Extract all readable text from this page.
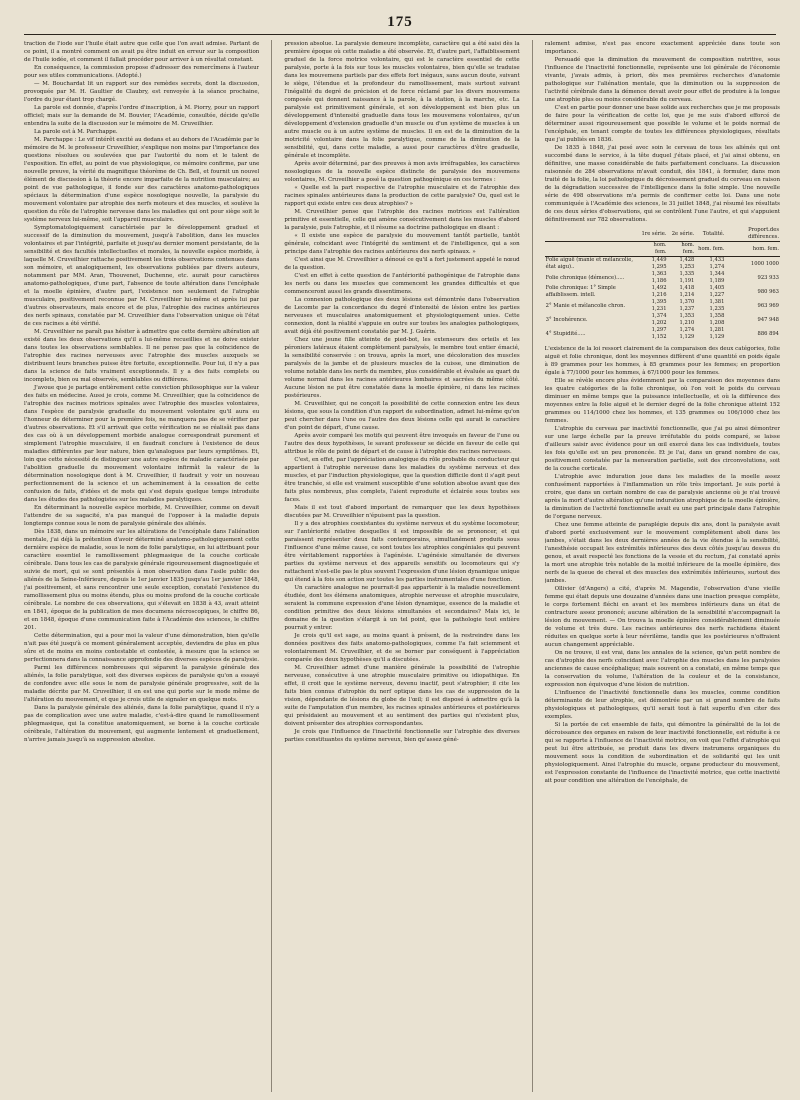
175

traction de l'iode sur l'huile était autre que celle que l'on avait admise. Partant de ce point, il a montré comment on avait pu être induit en erreur sur la composition de l'huile iodée, et comment il fallait procéder pour arriver à un résultat constant.

En conséquence, la commission propose d'adresser des remercîmens à l'auteur pour ses utiles communications. (Adopté.)

— M. Bouchardat lit un rapport sur des remèdes secrets, dont la discussion, provoquée par M. H. Gaultier de Claubry, est renvoyée à la séance prochaine, l'ordre du jour étant trop chargé.

La parole est donnée, d'après l'ordre d'inscription, à M. Piorry, pour un rapport officiel; mais sur la demande de M. Bouvier, l'Académie, consultée, décide qu'elle entendra la suite de la discussion sur le mémoire de M. Cruveilhier.

La parole est à M. Parchappe.

M. Parchappe : Le vif intérêt excité au dedans et au dehors de l'Académie par le mémoire de M. le professeur Cruveilhier, s'explique non moins par l'importance des questions résolues ou soulevées que par l'autorité du nom et le talent de l'exposition. En effet, au point de vue physiologique, ce mémoire confirme, par une nouvelle preuve, la vérité du magnifique théorème de Ch. Bell, et fournit un nouvel élément de discussion à la théorie encore imparfaite de la nutrition musculaire; au point de vue pathologique, il fonde sur des caractères anatomo-pathologiques spéciaux la détermination d'une espèce nosologique nouvelle, la paralysie du mouvement volontaire par atrophie des nerfs moteurs et des muscles, et soulève la question du rôle de l'atrophie nerveuse dans les maladies qui ont pour siège soit le système nerveux lui-même, soit l'appareil musculaire.

Symptomatologiquement caractérisée par le développement graduel et successif de la diminution du mouvement, jusqu'à l'abolition, dans les muscles volontaires et par l'intégrité, parfaite et jusqu'au dernier moment persistante, de la sensibilité et des facultés intellectuelles et morales, la nouvelle espèce morbide, à laquelle M. Cruveilhier rattache positivement les trois observations contenues dans son mémoire, et analogiquement, les observations publiées par divers auteurs, notamment par MM. Aran, Thouvenet, Duchenne, etc. aurait pour caractères anatomo-pathologiques, d'une part, l'absence de toute altération dans l'encéphale et la moelle épinière, d'autre part, l'existence non seulement de l'atrophie musculaire, positivement reconnue par M. Cruveilhier lui-même et après lui par d'autres observateurs, mais encore et de plus, l'atrophie des racines antérieures des nerfs spinaux, constatée par M. Cruveilhier dans l'observation unique où l'état de ces racines a été vérifié.

M. Cruveilhier ne paraît pas hésiter à admettre que cette dernière altération ait existé dans les deux observations qu'il a lui-même recueillies et ne doive exister dans toutes les observations semblables. Il ne pense pas que la coïncidence de l'atrophie des racines nerveuses avec l'atrophie des muscles auxquels se distribuent leurs branches puisse être fortuite, exceptionnelle. Pour lui, il n'y a pas dans la science de faits vraiment exceptionnels. Il y a des faits complets ou incomplets, bien ou mal observés, semblables ou différens.

J'avoue que je partage entièrement cette conviction philosophique sur la valeur des faits en médecine. Aussi je crois, comme M. Cruveilhier, que la coïncidence de l'atrophie des racines motrices spinales avec l'atrophie des muscles volontaires, dans l'espèce de paralysie graduelle du mouvement volontaire qu'il aura eu l'honneur de déterminer pour la première fois, ne manquera pas de se vérifier par d'autres observations. Et s'il arrivait que cette vérification ne se réalisât pas dans des cas où à un développement morbide analogue correspondrait purement et simplement l'atrophie musculaire, il en faudrait conclure à l'existence de deux maladies différentes par leur nature, bien qu'analogues par leurs symptômes. Et, loin que cette nécessité de distinguer une autre espèce de maladie caractérisée par l'abolition graduelle du mouvement volontaire infirmât la valeur de la détermination nosologique dont à M. Cruveilhier, il faudrait y voir un nouveau perfectionnement de la science et un acheminement à la cessation de cette confusion de faits, d'idées et de mots qui s'est depuis quelque temps introduite dans les études des pathologistes sur les maladies paralytiques.

En déterminant la nouvelle espèce morbide, M. Cruveilhier, comme on devait l'attendre de sa sagacité, n'a pas manqué de l'opposer à la maladie depuis longtemps connue sous le nom de paralysie générale des aliénés.

Dès 1838, dans un mémoire sur les altérations de l'encéphale dans l'aliénation mentale, j'ai déjà la prétention d'avoir déterminé anatomo-pathologiquement cette dernière espèce de maladie, sous le nom de folie paralytique, en lui attribuant pour caractère essentiel le ramollissement phlegmasique de la couche corticale cérébrale. Dans tous les cas de paralysie générale rigoureusement diagnostiquée et suivie de mort, qui se sont présentés à mon observation dans l'asile public des aliénés de la Seine-Inférieure, depuis le 1er janvier 1835 jusqu'au 1er janvier 1848, j'ai positivement, et sans rencontrer une seule exception, constaté l'existence du ramollissement plus ou moins étendu, plus ou moins profond de la couche corticale cérébrale. Le nombre de ces observations, qui s'élevait en 1838 à 43, avait atteint en 1841, époque de la publication de mes documens nécroscopiques, le chiffre 86, et en 1848, époque d'une communication faite à l'Académie des sciences, le chiffre 201.

Cette détermination, qui a pour moi la valeur d'une démonstration, bien qu'elle n'ait pas été jusqu'à ce moment généralement acceptée, deviendra de plus en plus sûre et de moins en moins contestable et contestée, à mesure que la science se perfectionnera dans la connaissance approfondie des diverses espèces de paralysie.

Parmi les différences nombreuses qui séparent la paralysie générale des aliénés, la folie paralytique, soit des diverses espèces de paralysie qu'on a essayé de confondre avec elle sous le nom de paralysie générale progressive, soit de la maladie décrite par M. Cruveilhier, il en est une qui porte sur le mode même de l'altération du mouvement, et que je crois utile de signaler en quelque mots.

Dans la paralysie générale des aliénés, dans la folie paralytique, quand il n'y a pas de complication avec une autre maladie, c'est-à-dire quand le ramollissement phlegmasique, qui la constitue anatomiquement, se borne à la couche corticale cérébrale, l'altération du mouvement, qui augmente lentement et graduellement, n'arrive jamais jusqu'à sa suppression absolue.

pression absolue. La paralysie demeure incomplète, caractère qui a été saisi dès la première époque où cette maladie a été observée. Et, d'autre part, l'affaiblissement graduel de la force motrice volontaire, qui est le caractère essentiel de cette paralysie, porte à la fois sur tous les muscles volontaires, bien qu'elle se traduise dans les mouvemens partiels par des effets fort inégaux, sans aucun doute, suivant le siège, l'étendue et la profondeur du ramollissement, mais surtout suivant l'inégalité du degré de précision et de force réclamé par les divers mouvemens composés qui donnent naissance à la parole, à la station, à la marche, etc. La paralysie est primitivement générale, et son développement est bien plus un développement d'intensité graduelle dans tous les mouvemens volontaires, qu'un développement d'extension graduelle d'un muscle ou d'un système de muscles à un autre muscle ou à un autre système de muscles. Il en est de la diminution de la motricité volontaire dans la folie paralytique, comme de la diminution de la sensibilité, qui, dans cette maladie, a aussi pour caractères d'être graduelle, générale et incomplète.

Après avoir déterminé, par des preuves à mon avis irréfragables, les caractères nosologiques de la nouvelle espèce distincte de paralysie des mouvemens volontaires, M. Cruveilhier a posé la question pathogénique en ces termes :

« Quelle est la part respective de l'atrophie musculaire et de l'atrophie des racines spinales antérieures dans la production de cette paralysie? Ou, quel est le rapport qui existe entre ces deux atrophies? »

M. Cruveilhier pense que l'atrophie des racines motrices est l'altération primitive et essentielle, celle qui amène consécutivement dans les muscles d'abord la paralysie, puis l'atrophie, et il résume sa doctrine pathologique en disant :

« Il existe une espèce de paralysie du mouvement tantôt partielle, tantôt générale, coïncidant avec l'intégrité du sentiment et de l'intelligence, qui a son principe dans l'atrophie des racines antérieures des nerfs spinaux. »

C'est ainsi que M. Cruveilhier a dénoué ce qu'il a fort justement appelé le nœud de la question.

C'est en effet à cette question de l'antériorité pathogénique de l'atrophie dans les nerfs ou dans les muscles que commencent les grandes difficultés et que commenceront aussi les grands dissentimens.

La connexion pathologique des deux lésions est démontrée dans l'observation de Lecomte par la concordance du degré d'intensité de lésion entre les parties nerveuses et musculaires anatomiquement et physiologiquement unies. Cette connexion, dont la réalité s'appuie en outre sur toutes les analogies pathologiques, avait déjà été positivement constatée par M. J. Guérin.

Chez une jeune fille atteinte de pied-bot, les extenseurs des orteils et les péroniers latéraux étaient complètement paralysés, le membre tout entier émacié, la sensibilité conservée : on trouva, après la mort, une décoloration des muscles paralysés de la jambe et de plusieurs muscles de la cuisse, une diminution de volume notable dans les nerfs du membre, plus considérable et évaluée au quart du volume normal dans les racines antérieures lombaires et sacrées du même côté. Aucune lésion ne put être constatée dans la moelle épinière, ni dans les racines postérieures.

M. Cruveilhier, qui ne conçoit la possibilité de cette connexion entre les deux lésions, que sous la condition d'un rapport de subordination, admet lui-même qu'on peut chercher dans l'une ou l'autre des deux lésions celle qui aurait le caractère d'un point de départ, d'une cause.

Après avoir comparé les motifs qui peuvent être invoqués en faveur de l'une ou l'autre des deux hypothèses, le savant professeur se décide en faveur de celle qui attribue le rôle de point de départ et de cause à l'atrophie des racines nerveuses.

C'est, en effet, par l'appréciation analogique du rôle probable du conducteur qui appartient à l'atrophie nerveuse dans les maladies du système nerveux et des muscles, et par l'induction physiologique, que la question difficile dont il s'agit peut être tranchée, si elle est vraiment susceptible d'une solution absolue avant que des faits plus nombreux, plus complets, l'aient reproduite et éclairée sous toutes ses faces.

Mais il est tout d'abord important de remarquer que les deux hypothèses discutées par M. Cruveilhier n'épuisent pas la question.

Il y a des atrophies coexistantes du système nerveux et du système locomoteur, sur l'antériorité relative desquelles il est impossible de se prononcer, et qui paraissent représenter deux faits contemporains, simultanément produits sous l'influence d'une même cause, ce sont toutes les atrophies congéniales qui peuvent être véritablement rapportées à l'agénésie. L'agénésie simultanée de diverses parties du système nerveux et des appareils sensitifs ou locomoteurs qui s'y rattachent n'est-elle pas le plus souvent l'expression d'une lésion dynamique unique qui étend à la fois son action sur toutes les parties instrumentales d'une fonction.

Un caractère analogue ne pourrait-il pas appartenir à la maladie nouvellement étudiée, dont les élémens anatomiques, atrophie nerveuse et atrophie musculaire, seraient la commune expression d'une lésion dynamique, essence de la maladie et condition primitive des deux lésions simultanées et secondaires? Mais ici, le domaine de la question s'élargit à un tel point, que la pathologie tout entière pourrait y entrer.

Je crois qu'il est sage, au moins quant à présent, de la restreindre dans les données positives des faits anatomo-pathologiques, comme l'a fait sciemment et volontairement M. Cruveilhier, et de se borner par conséquent à l'appréciation comparée des deux hypothèses qu'il a discutées.

M. Cruveilhier admet d'une manière générale la possibilité de l'atrophie nerveuse, consécutive à une atrophie musculaire primitive ou idiopathique. En effet, il croit que le système nerveux, devenu inactif, peut s'atrophier; il cite les faits bien connus d'atrophie du nerf optique dans les cas de suppression de la vision, dépendante de lésions du globe de l'œil; il est disposé à admettre qu'à la suite de l'amputation d'un membre, les racines spinales antérieures et postérieures qui présidaient au mouvement et au sentiment des parties qui n'existent plus, doivent présenter des atrophies correspondantes.

Je crois que l'influence de l'inactivité fonctionnelle sur l'atrophie des diverses parties constituantes du système nerveux, bien qu'assez géné-

ralement admise, n'est pas encore exactement appréciée dans toute son importance.

Persuadé que la diminution du mouvement de composition nutritive, sous l'influence de l'inactivité fonctionnelle, représente une loi générale de l'économie vivante, j'avais admis, à priori, dès mes premières recherches d'anatomie pathologique sur l'aliénation mentale, que la diminution ou la suppression de l'activité cérébrale dans la démence devait avoir pour effet de produire à la longue une atrophie plus ou moins considérable du cerveau.

C'est en partie pour donner une base solide aux recherches que je me proposais de faire pour la vérification de cette loi, que je me suis d'abord efforcé de déterminer aussi rigoureusement que possible le volume et le poids normal de l'encéphale, en tenant compte de toutes les différences physiologiques, résultats que j'ai publiés en 1836.

De 1835 à 1848, j'ai pesé avec soin le cerveau de tous les aliénés qui ont succombé dans le service, à la tête duquel j'étais placé, et j'ai ainsi obtenu, en définitive, une masse considérable de faits parfaitement concluans. La discussion raisonnée de 284 observations m'avait conduit, dès 1841, à formuler, dans mon traité de la folie, la loi pathologique du décroissement graduel du cerveau en raison de la dégradation successive de l'intelligence dans la folie simple. Une nouvelle série de 498 observations m'a permis de confirmer cette loi. Dans une note communiquée à l'Académie des sciences, le 31 juillet 1848, j'ai résumé les résultats de ces deux séries d'observations, qui se contrôlent l'une l'autre, et qui s'appuient définitivement sur 782 observations.

	1re série.	2e série.	Totalité.	Proport.des différences.
	hom. fem.	hom. fem.	hom. fem.	hom. fem.
Folie aiguë (manie et mélancolie, état aigu)..	1,449 1,295	1,428 1,253	1,433 1,274	1000 1000
Folie chronique (démence).....	1,363 1,186	1,335 1,191	1,344 1,189	923 933
Folie chronique: 1° Simple affaiblissem. intell.	1,492 1,216	1,418 1,214	1,405 1,227	980 963
2° Manie et mélancolie chron.	1,395 1,231	1,370 1,237	1,381 1,235	963 969
3° Incohérence.	1,374 1,202	1,353 1,210	1,358 1,208	947 948
4° Stupidité.....	1,297 1,152	1,274 1,129	1,281 1,129	886 894

L'existence de la loi ressort clairement de la comparaison des deux catégories, folie aiguë et folie chronique, dont les moyennes diffèrent d'une quantité en poids égale à 89 grammes pour les hommes, à 85 grammes pour les femmes; en proportion égale à 77/1000 pour les hommes, à 67/1000 pour les femmes.

Elle se révèle encore plus évidemment par la comparaison des moyennes dans les quatre catégories de la folie chronique, où l'on voit le poids du cerveau diminuer en même temps que la puissance intellectuelle, et où la différence des moyennes entre la folie aiguë et le dernier degré de la folie chronique atteint 152 grammes ou 114/1000 chez les hommes, et 135 grammes ou 106/1000 chez les femmes.

L'atrophie du cerveau par inactivité fonctionnelle, que j'ai pu ainsi démontrer sur une large échelle par la preuve irréfutable du poids comparé, se laisse d'ailleurs saisir avec évidence pour un œil exercé dans les cas individuels, toutes les fois qu'elle est un peu prononcée. Et je l'ai, dans un grand nombre de cas, positivement constatée par la mensuration partielle, soit des circonvolutions, soit de la couche corticale.

L'atrophie avec induration joue dans les maladies de la moelle assez confusément rapportées à l'inflammation un rôle très important. Je suis porté à croire, que dans un certain nombre de cas de paralysie ancienne où je n'ai trouvé après la mort d'autre altération qu'une induration atrophique de la moelle épinière, la diminution de l'activité fonctionnelle avait eu une part principale dans l'atrophie de l'organe nerveux.

Chez une femme atteinte de paraplégie depuis dix ans, dont la paralysie avait d'abord porté exclusivement sur le mouvement complètement aboli dans les jambes, s'était dans les deux dernières années de la vie étendue à la sensibilité, l'anesthésie occupait les extrémités inférieures des deux côtés jusqu'au dessus du genou, et avait respecté les fonctions de la vessie et du rectum, j'ai constaté après la mort une atrophie très notable de la moitié inférieure de la moelle épinière, des nerfs de la queue de cheval et des muscles des extrémités inférieures, surtout des jambes.

Ollivier (d'Angers) a cité, d'après M. Magendie, l'observation d'une vieille femme qui était depuis une douzaine d'années dans une inaction presque complète, le corps fortement fléchi en avant et les membres inférieurs dans un état de contracture assez prononcé; aucune altération de la sensibilité n'accompagnait la lésion du mouvement. — On trouva la moelle épinière considérablement diminuée de volume et très dure. Les racines antérieures des nerfs rachidiens étaient réduites en quelque sorte à leur névrilème, tandis que les postérieures n'offraient aucun changement appréciable.

On ne trouve, il est vrai, dans les annales de la science, qu'un petit nombre de cas d'atrophie des nerfs coïncidant avec l'atrophie des muscles dans les paralysies anciennes de cause encéphalique; mais souvent on a constaté, en même temps que la conservation du volume, l'altération de la couleur et de la consistance, expression non équivoque d'une lésion de nutrition.

L'influence de l'inactivité fonctionnelle dans les muscles, comme condition déterminante de leur atrophie, est démontrée par un si grand nombre de faits physiologiques et pathologiques, qu'il serait tout à fait superflu d'en citer des exemples.

Si la portée de cet ensemble de faits, qui démontre la généralité de la loi de décroissance des organes en raison de leur inactivité fonctionnelle, est réduite à ce qui se rapporte à l'influence de l'inactivité motrice, on voit que l'effet d'atrophie qui peut lui être attribuée, se produit dans les divers instrumens organiques du mouvement sous la condition de subordination et de solidarité qui les unit physiologiquement. Ainsi l'atrophie du muscle, organe producteur du mouvement, est l'expression constante de l'influence de l'inactivité motrice, que cette inactivité ait pour condition une altération de l'encéphale, de
